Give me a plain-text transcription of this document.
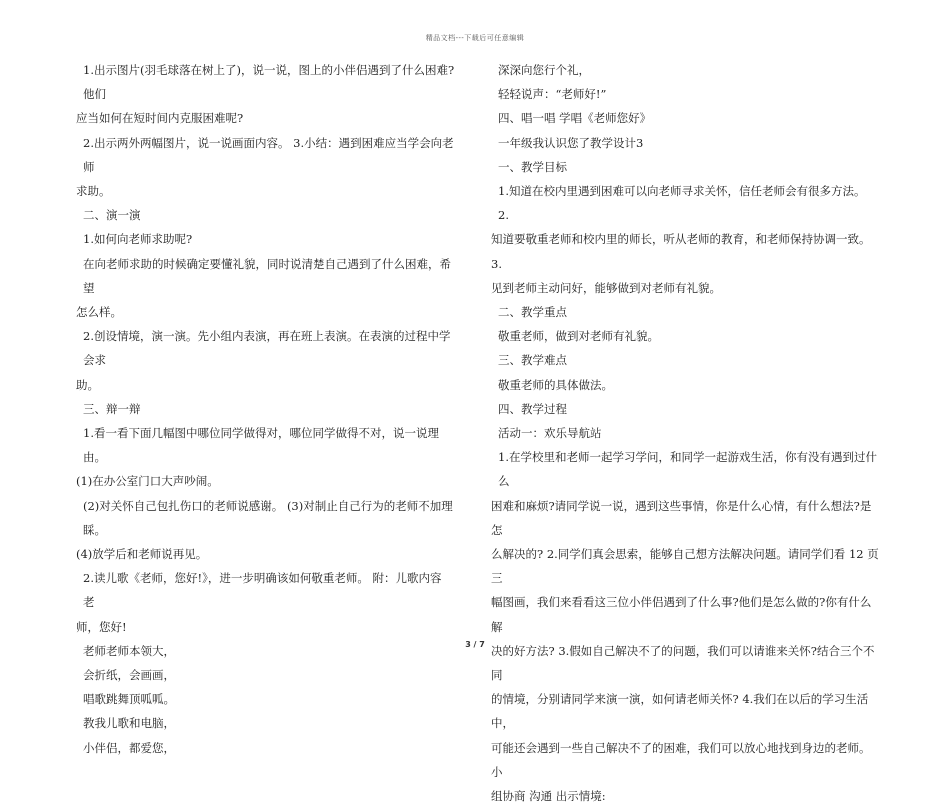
精品文档---下载后可任意编辑
1.出示图片(羽毛球落在树上了)，说一说，图上的小伴侣遇到了什么困难?他们
应当如何在短时间内克服困难呢?
2.出示两外两幅图片，说一说画面内容。 3.小结：遇到困难应当学会向老师
求助。
二、演一演
1.如何向老师求助呢?
在向老师求助的时候确定要懂礼貌，同时说清楚自己遇到了什么困难，希望
怎么样。
2.创设情境，演一演。先小组内表演，再在班上表演。在表演的过程中学会求
助。
三、辩一辩
1.看一看下面几幅图中哪位同学做得对，哪位同学做得不对，说一说理由。
(1)在办公室门口大声吵闹。
(2)对关怀自己包扎伤口的老师说感谢。 (3)对制止自己行为的老师不加理睬。
(4)放学后和老师说再见。
2.读儿歌《老师，您好!》，进一步明确该如何敬重老师。 附：儿歌内容 老
师，您好!
老师老师本领大，
会折纸，会画画，
唱歌跳舞顶呱呱。
教我儿歌和电脑，
小伴侣，都爱您，
深深向您行个礼，
轻轻说声：“老师好!”
四、唱一唱 学唱《老师您好》
一年级我认识您了教学设计3
一、教学目标
1.知道在校内里遇到困难可以向老师寻求关怀，信任老师会有很多方法。 2.
知道要敬重老师和校内里的师长，听从老师的教育，和老师保持协调一致。 3.
见到老师主动问好，能够做到对老师有礼貌。
二、教学重点
敬重老师，做到对老师有礼貌。
三、教学难点
敬重老师的具体做法。
四、教学过程
活动一：欢乐导航站
1.在学校里和老师一起学习学问，和同学一起游戏生活，你有没有遇到过什么
困难和麻烦?请同学说一说，遇到这些事情，你是什么心情，有什么想法?是怎
么解决的? 2.同学们真会思索，能够自己想方法解决问题。请同学们看 12 页三
幅图画，我们来看看这三位小伴侣遇到了什么事?他们是怎么做的?你有什么解
决的好方法? 3.假如自己解决不了的问题，我们可以请谁来关怀?结合三个不同
的情境，分别请同学来演一演，如何请老师关怀? 4.我们在以后的学习生活中，
可能还会遇到一些自己解决不了的困难，我们可以放心地找到身边的老师。 小
组协商 沟通 出示情境:
3 / 7
